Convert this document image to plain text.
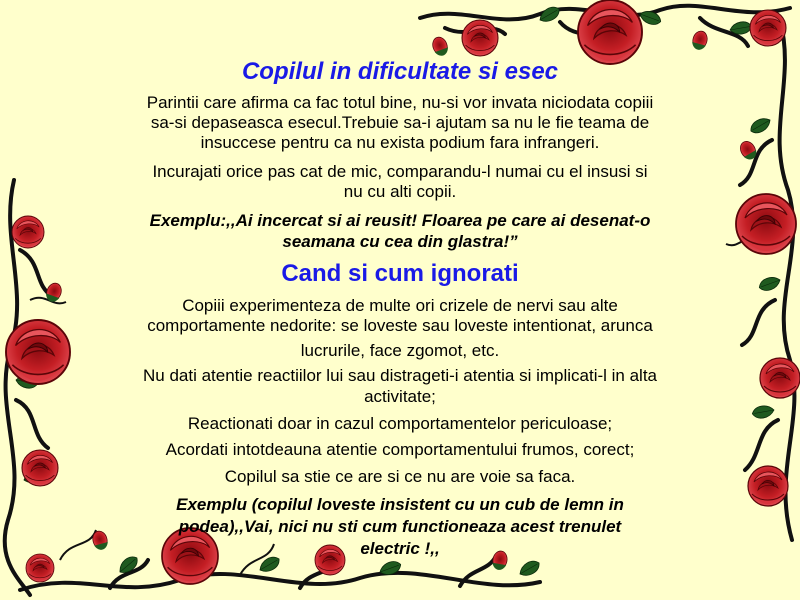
Copilul in dificultate si esec
Parintii care afirma ca fac totul bine, nu-si vor invata niciodata copiii
sa-si depaseasca esecul.Trebuie sa-i ajutam sa nu le fie teama de
insuccese pentru ca nu exista podium fara infrangeri.
Incurajati orice pas cat de mic, comparandu-l numai cu el insusi si
nu cu alti copii.
Exemplu:,,Ai incercat si ai reusit! Floarea pe care ai desenat-o
seamana cu cea din glastra!”
Cand si cum ignorati
Copiii experimenteza de multe ori crizele de nervi sau alte
comportamente nedorite: se loveste sau loveste intentionat, arunca
lucrurile, face zgomot, etc.
Nu dati atentie reactiilor lui sau distrageti-i atentia si implicati-l in alta
activitate;
Reactionati doar in cazul comportamentelor periculoase;
Acordati intotdeauna atentie comportamentului frumos, corect;
Copilul sa stie ce are si ce nu are voie sa faca.
Exemplu (copilul loveste insistent cu un cub de lemn in
podea),,Vai, nici nu sti cum functioneaza acest trenulet
electric !,,
